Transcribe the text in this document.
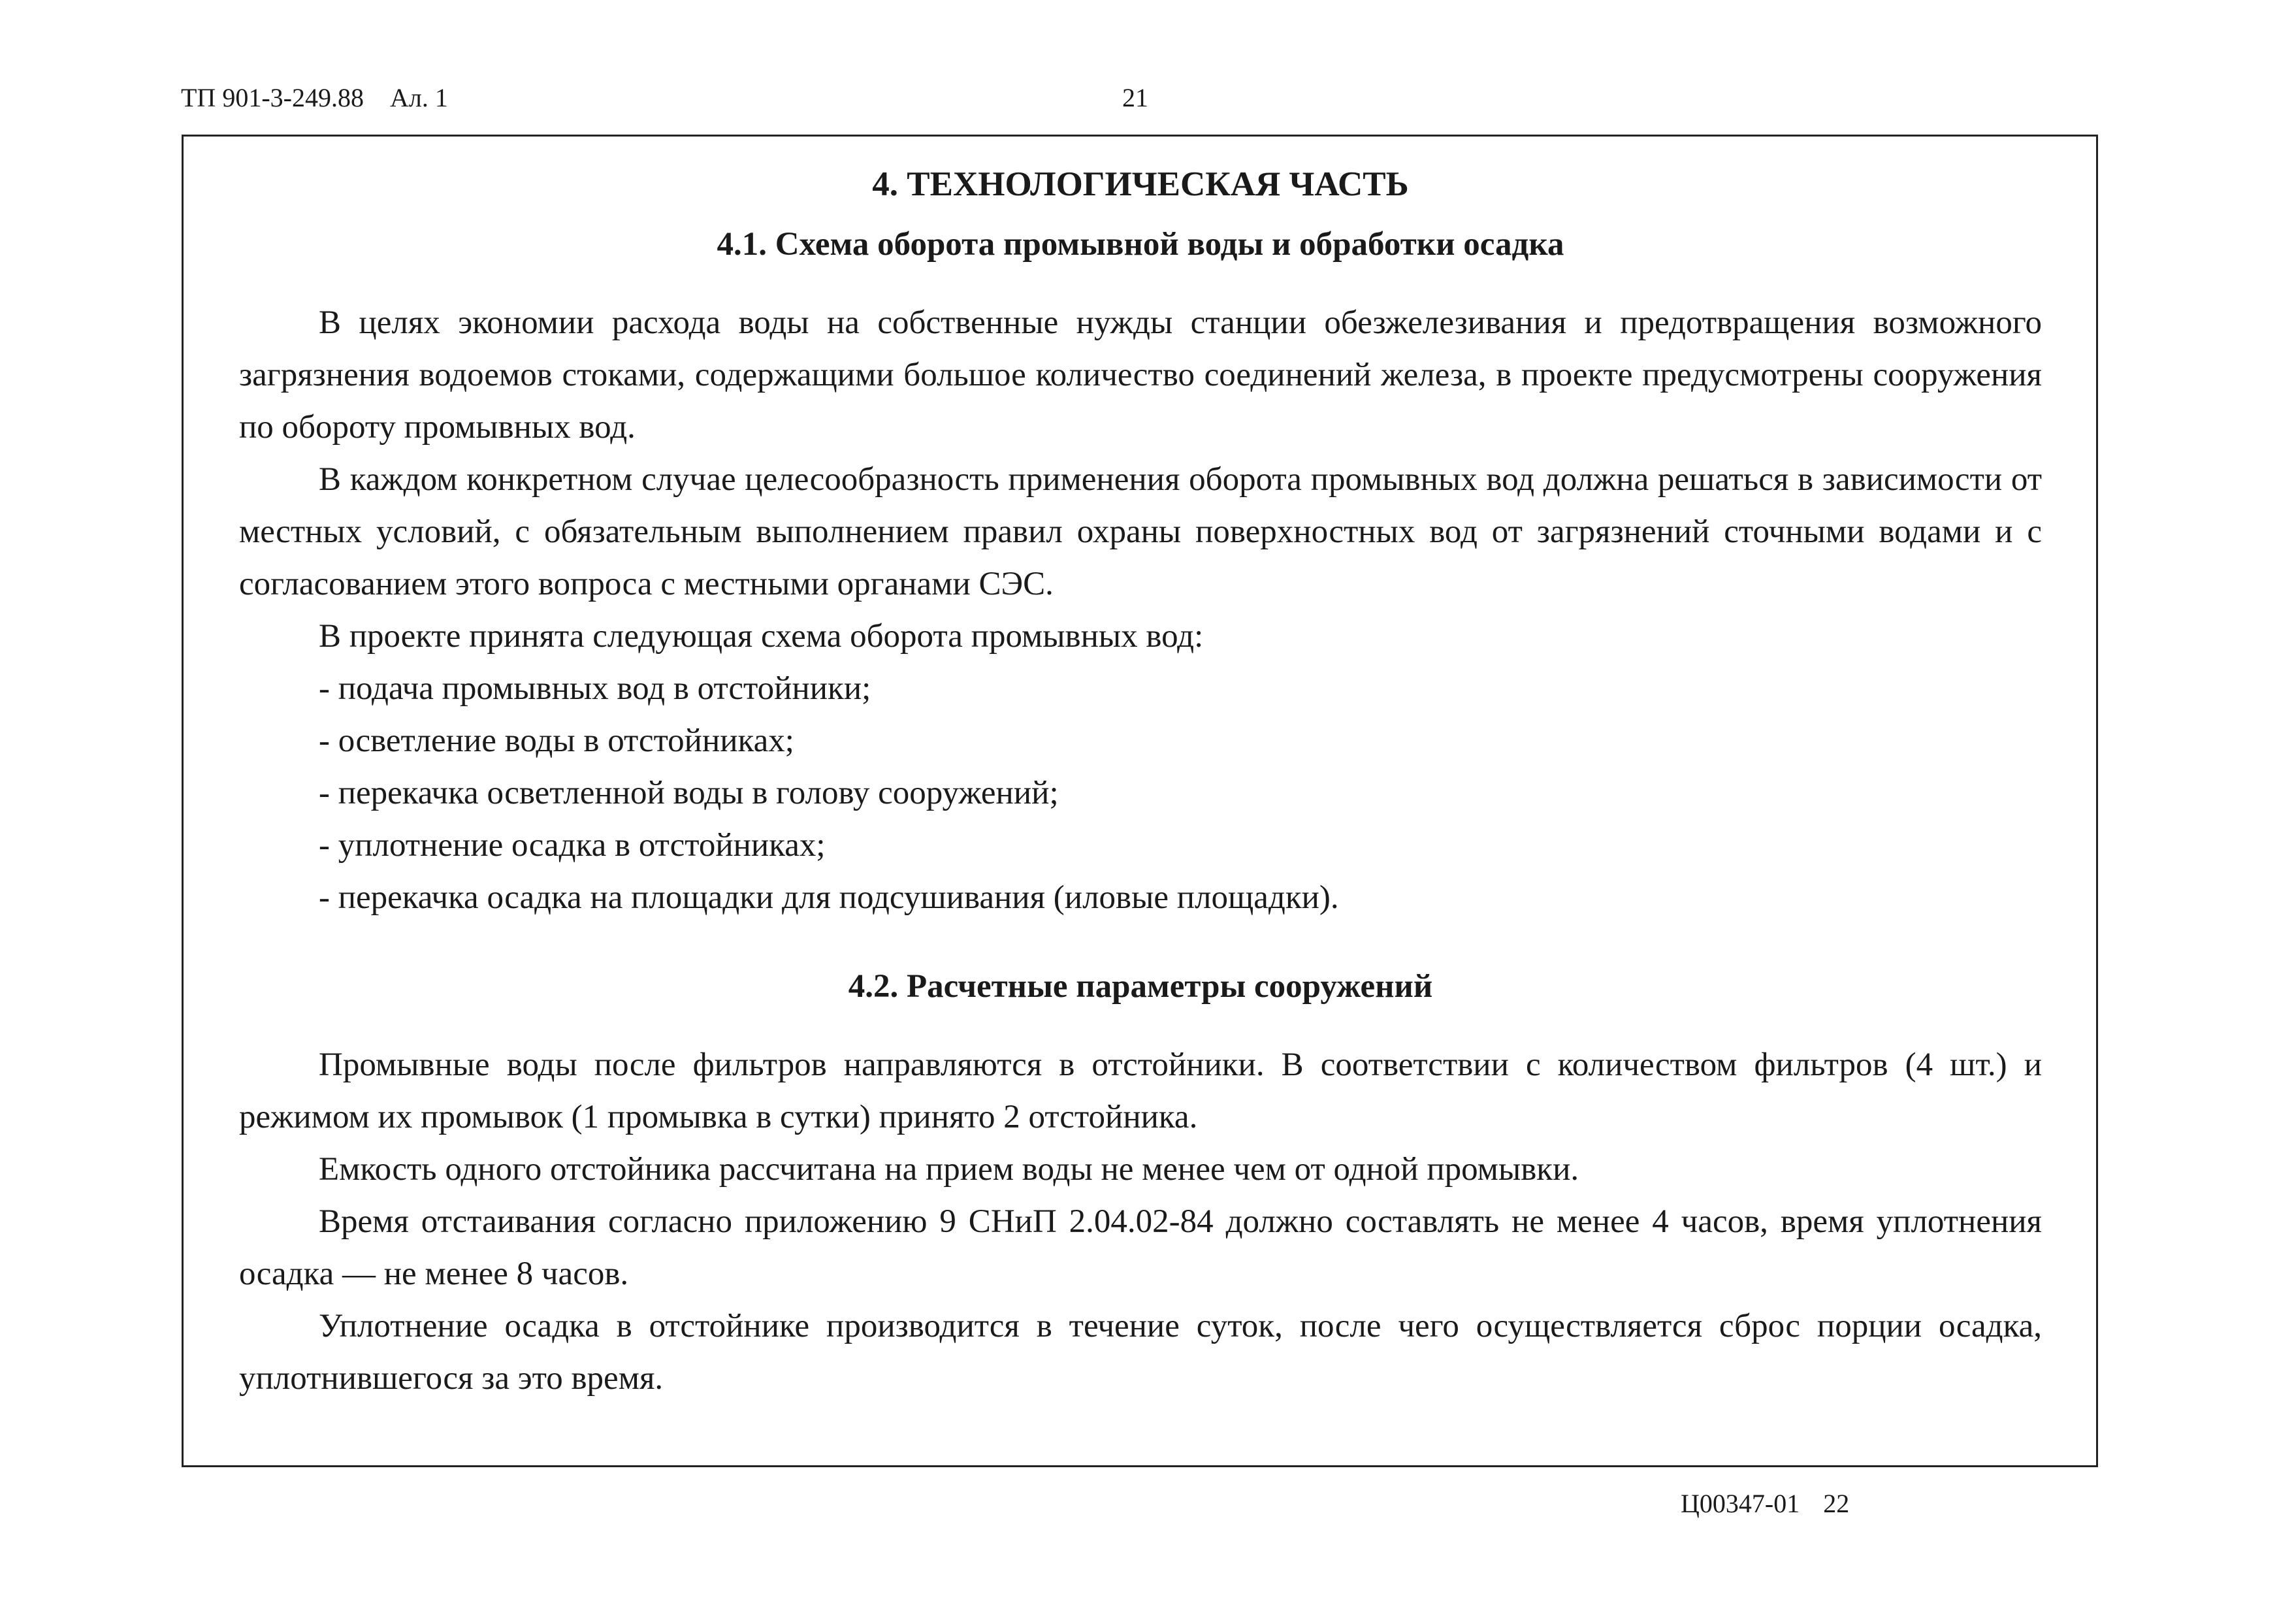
ТП 901-3-249.88 Ал. 1	21
4. ТЕХНОЛОГИЧЕСКАЯ ЧАСТЬ
4.1. Схема оборота промывной воды и обработки осадка

В целях экономии расхода воды на собственные нужды станции обезжелезивания и предотвращения возможного загрязнения водоемов стоками, содержащими большое количество соединений железа, в проекте предусмотрены сооружения по обороту промывных вод.

В каждом конкретном случае целесообразность применения оборота промывных вод должна решаться в зависимости от местных условий, с обязательным выполнением правил охраны поверхностных вод от загрязнений сточными водами и с согласованием этого вопроса с местными органами СЭС.

В проекте принята следующая схема оборота промывных вод:

- подача промывных вод в отстойники;
- осветление воды в отстойниках;
- перекачка осветленной воды в голову сооружений;
- уплотнение осадка в отстойниках;
- перекачка осадка на площадки для подсушивания (иловые площадки).
4.2. Расчетные параметры сооружений

Промывные воды после фильтров направляются в отстойники. В соответствии с количеством фильтров (4 шт.) и режимом их промывок (1 промывка в сутки) принято 2 отстойника.

Емкость одного отстойника рассчитана на прием воды не менее чем от одной промывки.

Время отстаивания согласно приложению 9 СНиП 2.04.02-84 должно составлять не менее 4 часов, время уплотнения осадка — не менее 8 часов.

Уплотнение осадка в отстойнике производится в течение суток, после чего осуществляется сброс порции осадка, уплотнившегося за это время.

Ц00347-01 22
